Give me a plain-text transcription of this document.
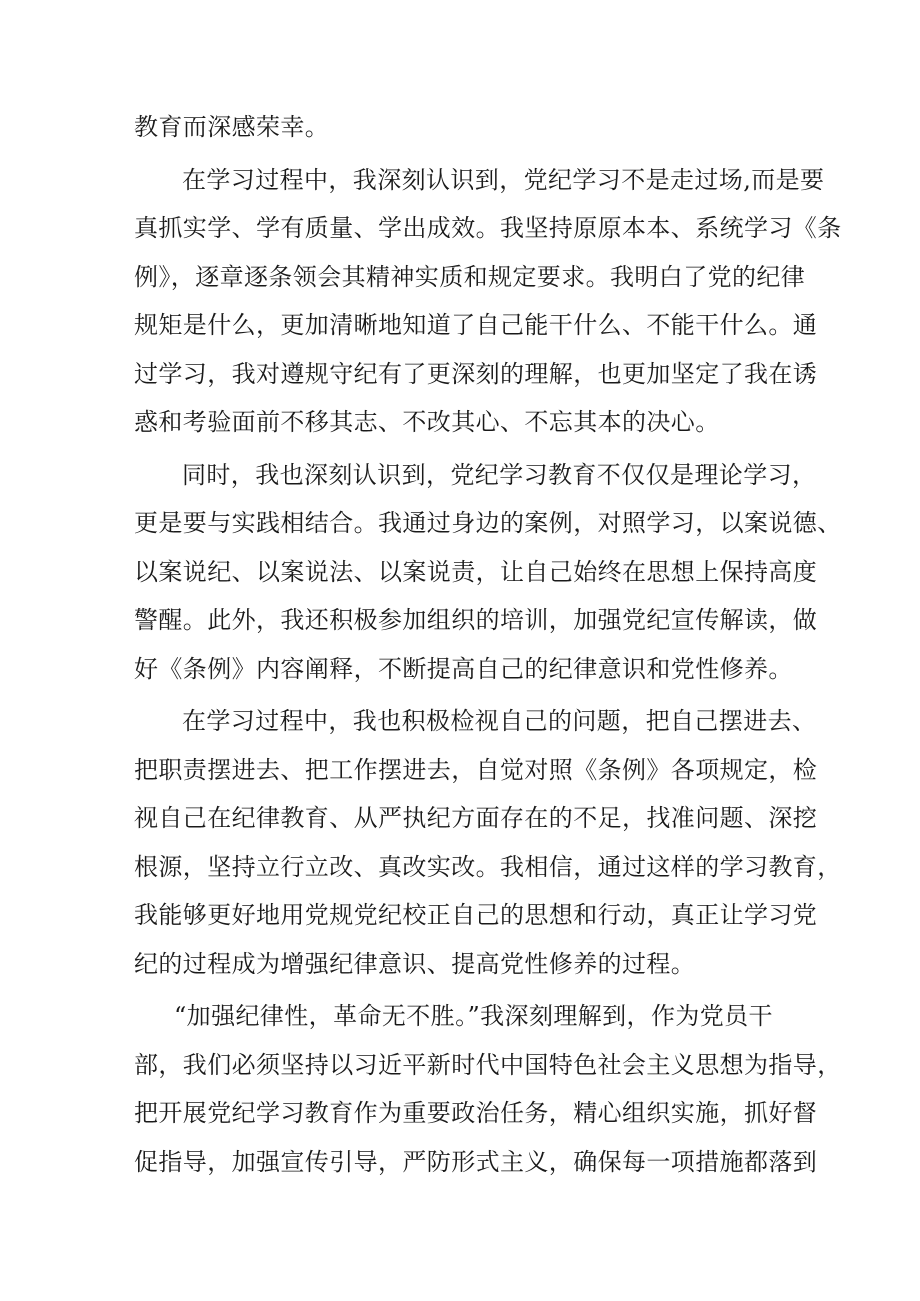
教育而深感荣幸。
在学习过程中，我深刻认识到，党纪学习不是走过场,而是要
真抓实学、学有质量、学出成效。我坚持原原本本、系统学习《条
例》，逐章逐条领会其精神实质和规定要求。我明白了党的纪律
规矩是什么，更加清晰地知道了自己能干什么、不能干什么。通
过学习，我对遵规守纪有了更深刻的理解，也更加坚定了我在诱
惑和考验面前不移其志、不改其心、不忘其本的决心。
同时，我也深刻认识到，党纪学习教育不仅仅是理论学习，
更是要与实践相结合。我通过身边的案例，对照学习，以案说德、
以案说纪、以案说法、以案说责，让自己始终在思想上保持高度
警醒。此外，我还积极参加组织的培训，加强党纪宣传解读，做
好《条例》内容阐释，不断提高自己的纪律意识和党性修养。
在学习过程中，我也积极检视自己的问题，把自己摆进去、
把职责摆进去、把工作摆进去，自觉对照《条例》各项规定，检
视自己在纪律教育、从严执纪方面存在的不足，找准问题、深挖
根源，坚持立行立改、真改实改。我相信，通过这样的学习教育，
我能够更好地用党规党纪校正自己的思想和行动，真正让学习党
纪的过程成为增强纪律意识、提高党性修养的过程。
“加强纪律性，革命无不胜。”我深刻理解到，作为党员干
部，我们必须坚持以习近平新时代中国特色社会主义思想为指导，
把开展党纪学习教育作为重要政治任务，精心组织实施，抓好督
促指导，加强宣传引导，严防形式主义，确保每一项措施都落到
